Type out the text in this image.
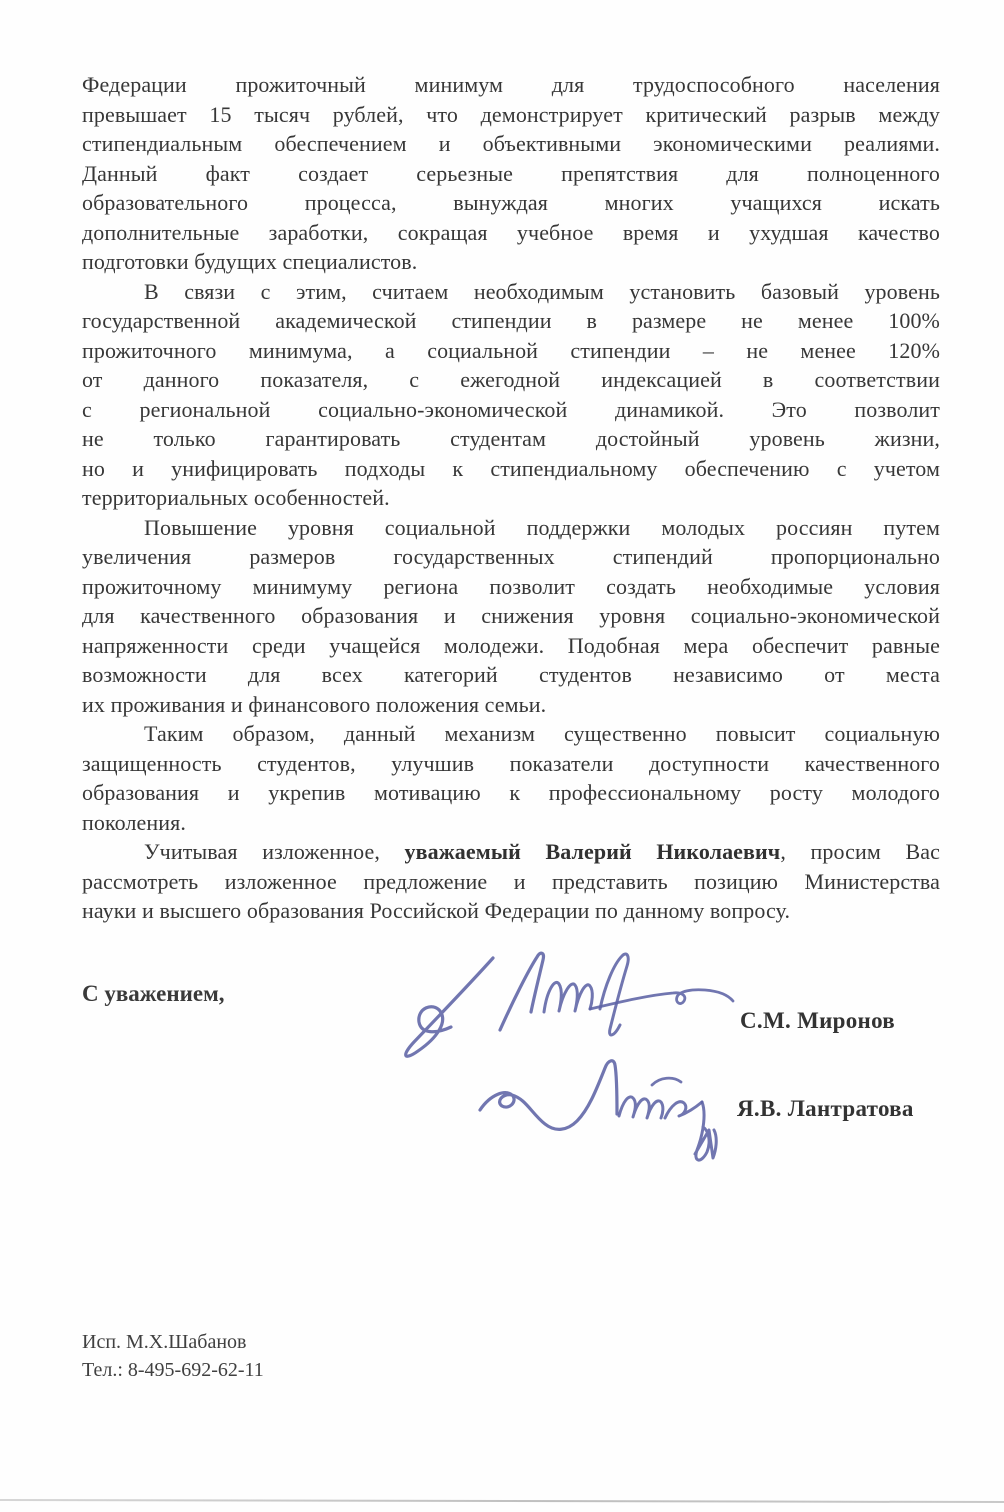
Федерации прожиточный минимум для трудоспособного населения
превышает 15 тысяч рублей, что демонстрирует критический разрыв между
стипендиальным обеспечением и объективными экономическими реалиями.
Данный факт создает серьезные препятствия для полноценного
образовательного процесса, вынуждая многих учащихся искать
дополнительные заработки, сокращая учебное время и ухудшая качество
подготовки будущих специалистов.
В связи с этим, считаем необходимым установить базовый уровень
государственной академической стипендии в размере не менее 100%
прожиточного минимума, а социальной стипендии – не менее 120%
от данного показателя, с ежегодной индексацией в соответствии
с региональной социально-экономической динамикой. Это позволит
не только гарантировать студентам достойный уровень жизни,
но и унифицировать подходы к стипендиальному обеспечению с учетом
территориальных особенностей.
Повышение уровня социальной поддержки молодых россиян путем
увеличения размеров государственных стипендий пропорционально
прожиточному минимуму региона позволит создать необходимые условия
для качественного образования и снижения уровня социально-экономической
напряженности среди учащейся молодежи. Подобная мера обеспечит равные
возможности для всех категорий студентов независимо от места
их проживания и финансового положения семьи.
Таким образом, данный механизм существенно повысит социальную
защищенность студентов, улучшив показатели доступности качественного
образования и укрепив мотивацию к профессиональному росту молодого
поколения.
Учитывая изложенное, уважаемый Валерий Николаевич, просим Вас
рассмотреть изложенное предложение и представить позицию Министерства
науки и высшего образования Российской Федерации по данному вопросу.
С уважением,
С.М. Миронов
Я.В. Лантратова
Исп. М.Х.Шабанов
Тел.: 8-495-692-62-11
